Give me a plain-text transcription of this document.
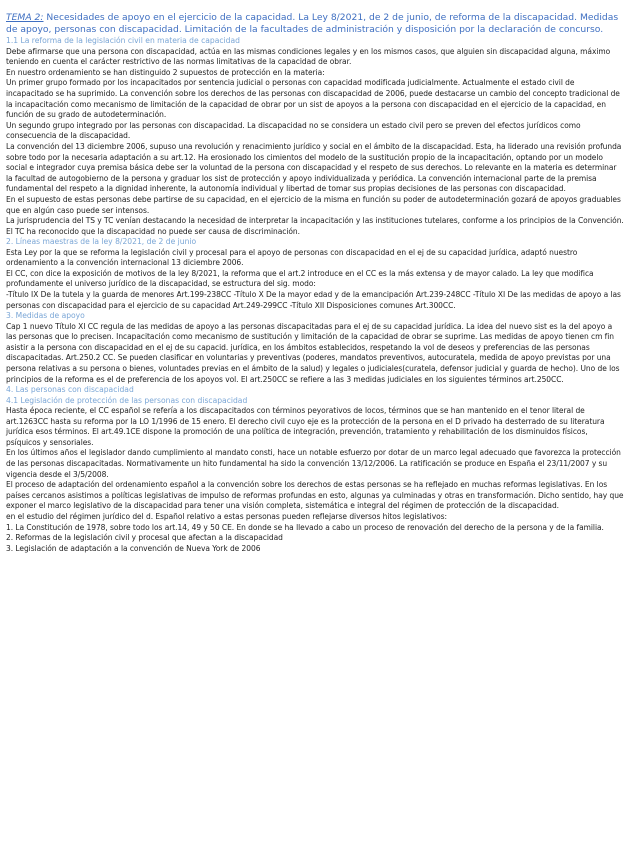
TEMA 2: Necesidades de apoyo en el ejercicio de la capacidad. La Ley 8/2021, de 2 de junio, de reforma de la discapacidad. Medidas de apoyo, personas con discapacidad. Limitación de la facultades de administración y disposición por la declaración de concurso.
1.1 La reforma de la legislación civil en materia de capacidad
Debe afirmarse que una persona con discapacidad, actúa en las mismas condiciones legales y en los mismos casos, que alguien sin discapacidad alguna, máximo teniendo en cuenta el carácter restrictivo de las normas limitativas de la capacidad de obrar.
En nuestro ordenamiento se han distinguido 2 supuestos de protección en la materia:
Un primer grupo formado por los incapacitados por sentencia judicial o personas con capacidad modificada judicialmente. Actualmente el estado civil de incapacitado se ha suprimido. La convención sobre los derechos de las personas con discapacidad de 2006, puede destacarse un cambio del concepto tradicional de la incapacitación como mecanismo de limitación de la capacidad de obrar por un sist de apoyos a la persona con discapacidad en el ejercicio de la capacidad, en función de su grado de autodeterminación.
Un segundo grupo integrado por las personas con discapacidad. La discapacidad no se considera un estado civil pero se preven del efectos jurídicos como consecuencia de la discapacidad.
La convención del 13 diciembre 2006, supuso una revolución y renacimiento jurídico y social en el ámbito de la discapacidad. Esta, ha liderado una revisión profunda sobre todo por la necesaria adaptación a su art.12. Ha erosionado los cimientos del modelo de la sustitución propio de la incapacitación, optando por un modelo social e integrador cuya premisa básica debe ser la voluntad de la persona con discapacidad y el respeto de sus derechos. Lo relevante en la materia es determinar la facultad de autogobierno de la persona y graduar los sist de protección y apoyo individualizada y periódica. La convención internacional parte de la premisa fundamental del respeto a la dignidad inherente, la autonomía individual y libertad de tomar sus propias decisiones de las personas con discapacidad.
En el supuesto de estas personas debe partirse de su capacidad, en el ejercicio de la misma en función su poder de autodeterminación gozará de apoyos graduables que en algún caso puede ser intensos.
La jurisprudencia del TS y TC venían destacando la necesidad de interpretar la incapacitación y las instituciones tutelares, conforme a los principios de la Convención. El TC ha reconocido que la discapacidad no puede ser causa de discriminación.
2. Líneas maestras de la ley 8/2021, de 2 de junio
Esta Ley por la que se reforma la legislación civil y procesal para el apoyo de personas con discapacidad en el ej de su capacidad jurídica, adaptó nuestro ordenamiento a la convención internacional 13 diciembre 2006.
El CC, con dice la exposición de motivos de la ley 8/2021, la reforma que el art.2 introduce en el CC es la más extensa y de mayor calado. La ley que modifica profundamente el universo jurídico de la discapacidad, se estructura del sig. modo:
-Título IX De la tutela y la guarda de menores Art.199-238CC -Título X De la mayor edad y de la emancipación Art.239-248CC -Título XI De las medidas de apoyo a las personas con discapacidad para el ejercicio de su capacidad Art.249-299CC -Título XII Disposiciones comunes Art.300CC.
3. Medidas de apoyo
Cap 1 nuevo Título XI CC regula de las medidas de apoyo a las personas discapacitadas para el ej de su capacidad jurídica. La idea del nuevo sist es la del apoyo a las personas que lo precisen. Incapacitación como mecanismo de sustitución y limitación de la capacidad de obrar se suprime. Las medidas de apoyo tienen cm fin asistir a la persona con discapacidad en el ej de su capacid. jurídica, en los ámbitos establecidos, respetando la vol de deseos y preferencias de las personas discapacitadas. Art.250.2 CC. Se pueden clasificar en voluntarias y preventivas (poderes, mandatos preventivos, autocuratela, medida de apoyo previstas por una persona relativas a su persona o bienes, voluntades previas en el ámbito de la salud) y legales o judiciales(curatela, defensor judicial y guarda de hecho). Uno de los principios de la reforma es el de preferencia de los apoyos vol. El art.250CC se refiere a las 3 medidas judiciales en los siguientes términos art.250CC.
4. Las personas con discapacidad
4.1 Legislación de protección de las personas con discapacidad
Hasta época reciente, el CC español se refería a los discapacitados con términos peyorativos de locos, términos que se han mantenido en el tenor literal de art.1263CC hasta su reforma por la LO 1/1996 de 15 enero. El derecho civil cuyo eje es la protección de la persona en el D privado ha desterrado de su literatura jurídica esos términos. El art.49.1CE dispone la promoción de una política de integración, prevención, tratamiento y rehabilitación de los disminuidos físicos, psíquicos y sensoriales.
En los últimos años el legislador dando cumplimiento al mandato consti, hace un notable esfuerzo por dotar de un marco legal adecuado que favorezca la protección de las personas discapacitadas. Normativamente un hito fundamental ha sido la convención 13/12/2006. La ratificación se produce en España el 23/11/2007 y su vigencia desde el 3/5/2008.
El proceso de adaptación del ordenamiento español a la convención sobre los derechos de estas personas se ha reflejado en muchas reformas legislativas. En los países cercanos asistimos a políticas legislativas de impulso de reformas profundas en esto, algunas ya culminadas y otras en transformación. Dicho sentido, hay que exponer el marco legislativo de la discapacidad para tener una visión completa, sistemática e integral del régimen de protección de la discapacidad.
en el estudio del régimen jurídico del d. Español relativo a estas personas pueden reflejarse diversos hitos legislativos:
1. La Constitución de 1978, sobre todo los art.14, 49 y 50 CE. En donde se ha llevado a cabo un proceso de renovación del derecho de la persona y de la familia.
2. Reformas de la legislación civil y procesal que afectan a la discapacidad
3. Legislación de adaptación a la convención de Nueva York de 2006
